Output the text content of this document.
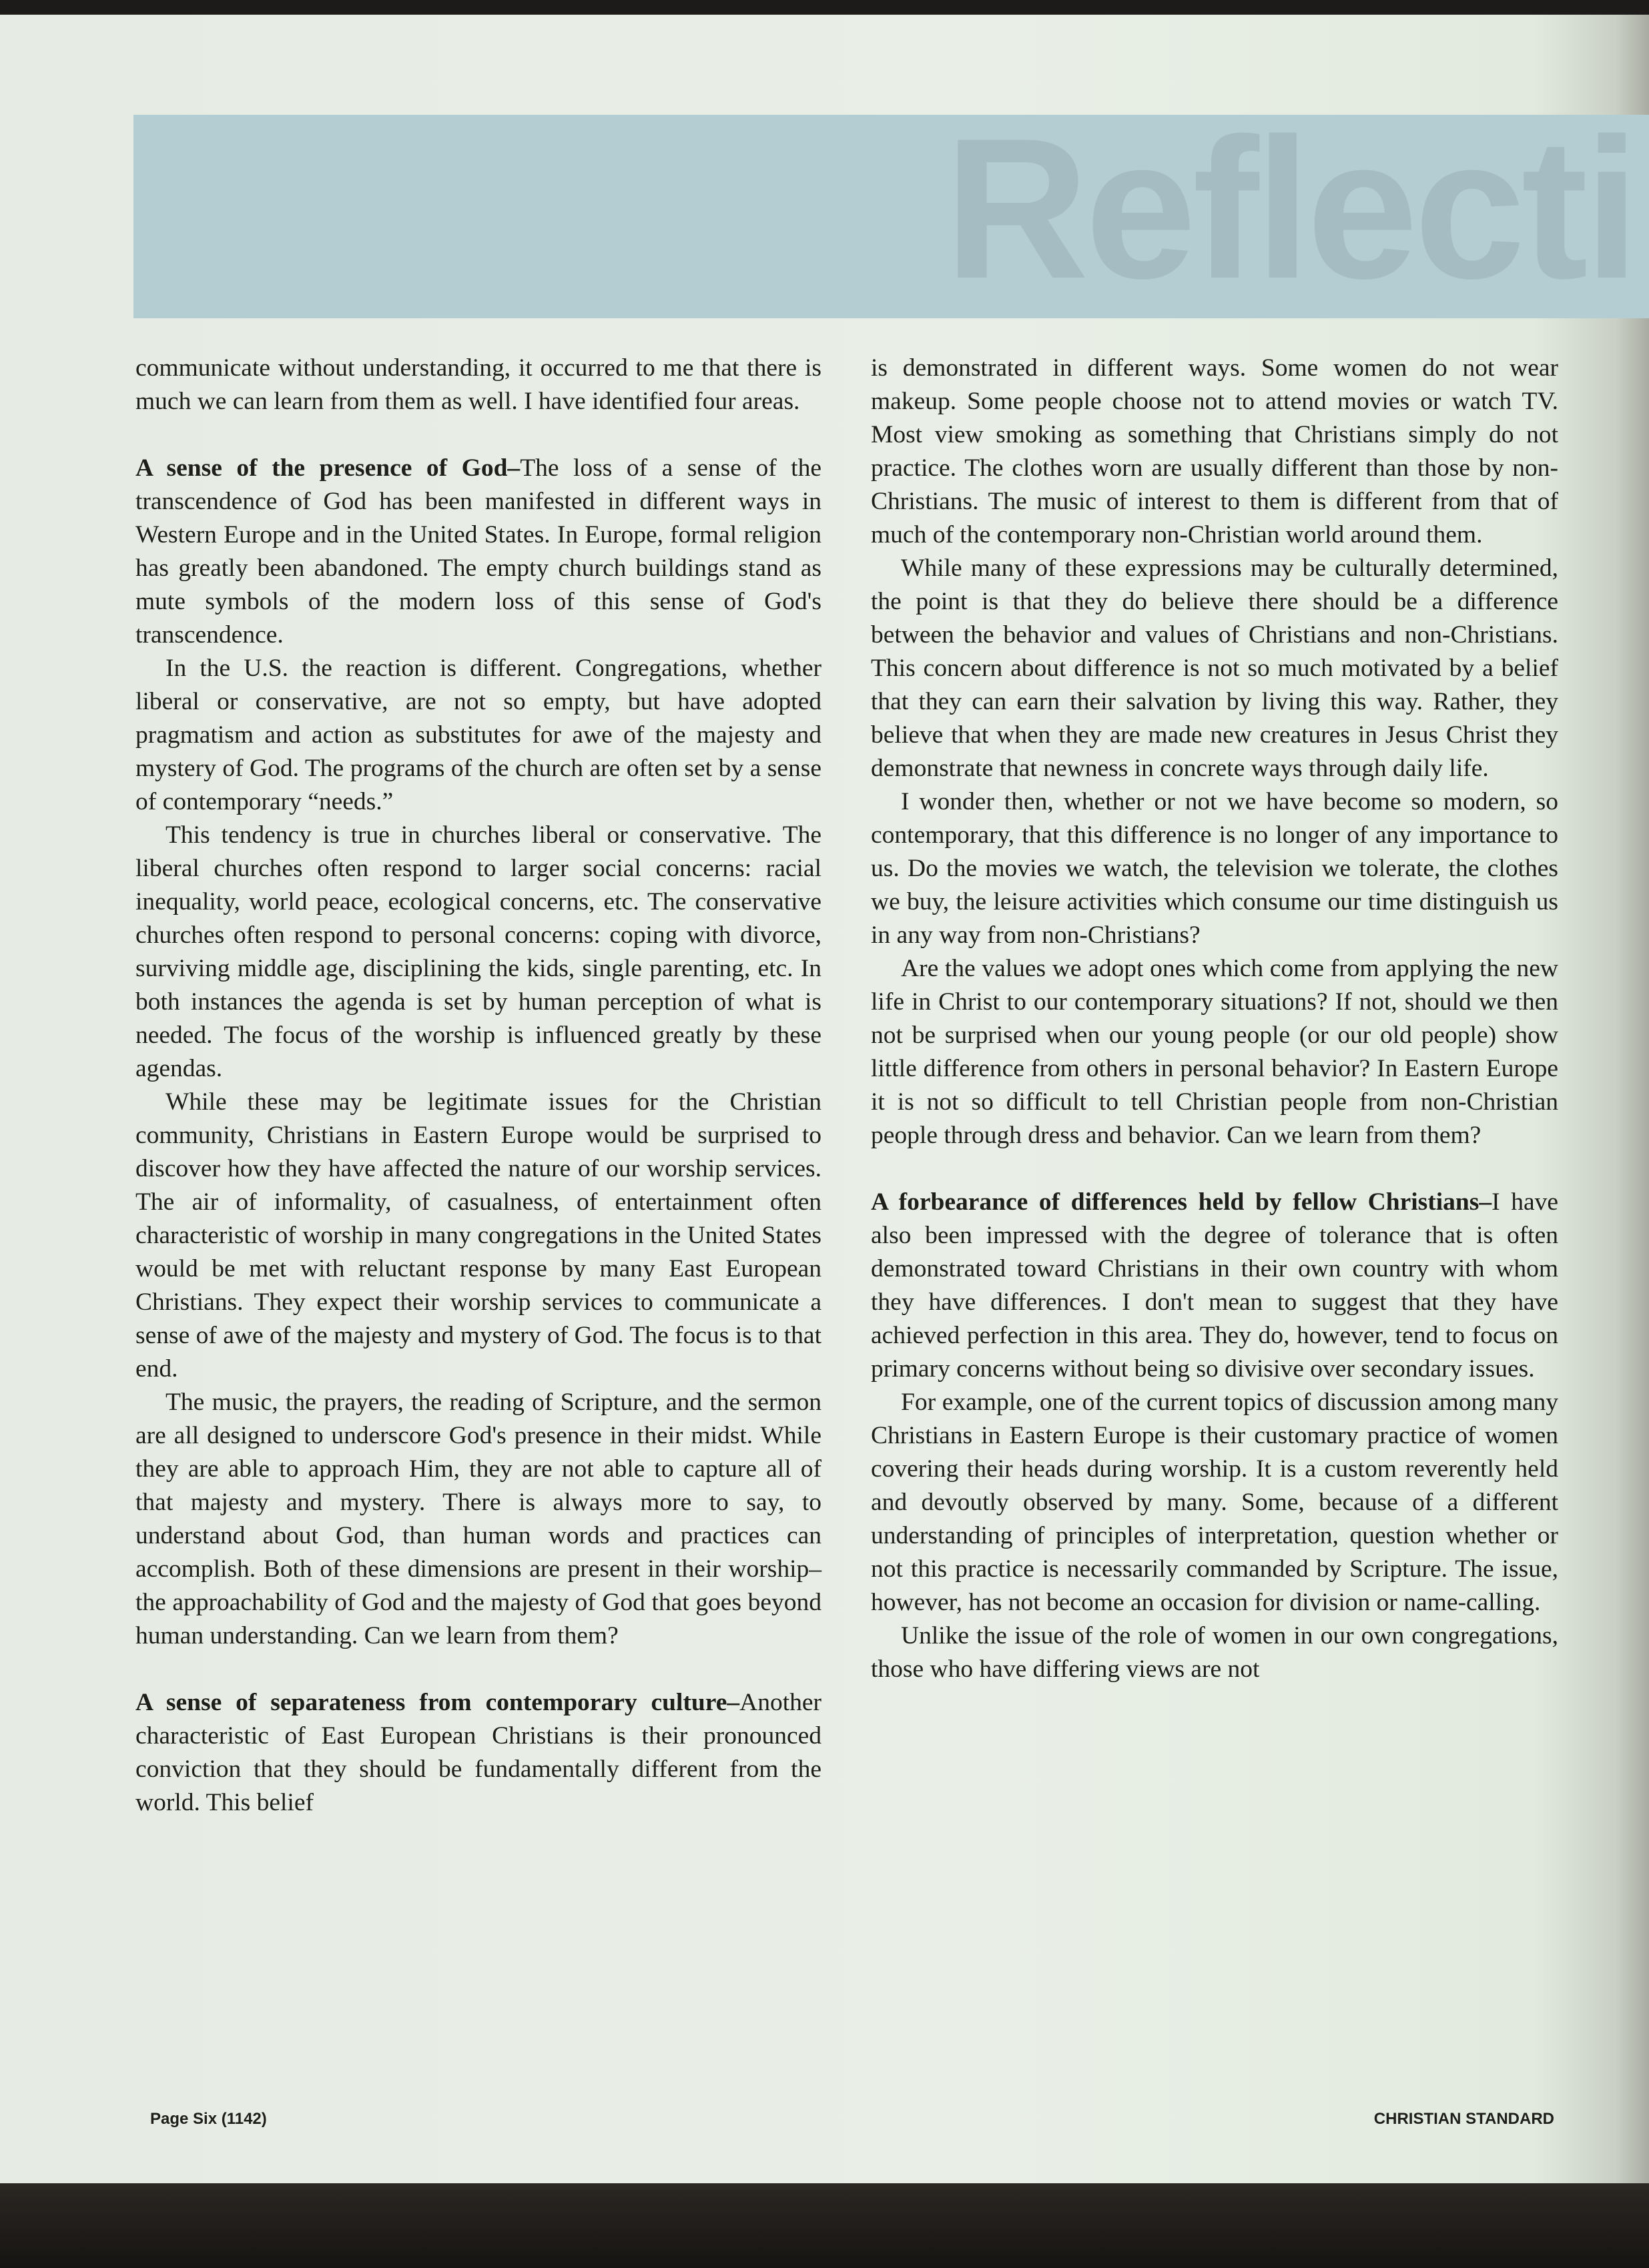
Reflecti

communicate without understanding, it occurred to me that there is much we can learn from them as well. I have identified four areas.

A sense of the presence of God–The loss of a sense of the transcendence of God has been manifested in different ways in Western Europe and in the United States. In Europe, formal religion has greatly been abandoned. The empty church buildings stand as mute symbols of the modern loss of this sense of God's transcendence.

In the U.S. the reaction is different. Congregations, whether liberal or conservative, are not so empty, but have adopted pragmatism and action as substitutes for awe of the majesty and mystery of God. The programs of the church are often set by a sense of contemporary “needs.”

This tendency is true in churches liberal or conservative. The liberal churches often respond to larger social concerns: racial inequality, world peace, ecological concerns, etc. The conservative churches often respond to personal concerns: coping with divorce, surviving middle age, disciplining the kids, single parenting, etc. In both instances the agenda is set by human perception of what is needed. The focus of the worship is influenced greatly by these agendas.

While these may be legitimate issues for the Christian community, Christians in Eastern Europe would be surprised to discover how they have affected the nature of our worship services. The air of informality, of casualness, of entertainment often characteristic of worship in many congregations in the United States would be met with reluctant response by many East European Christians. They expect their worship services to communicate a sense of awe of the majesty and mystery of God. The focus is to that end.

The music, the prayers, the reading of Scripture, and the sermon are all designed to underscore God's presence in their midst. While they are able to approach Him, they are not able to capture all of that majesty and mystery. There is always more to say, to understand about God, than human words and practices can accomplish. Both of these dimensions are present in their worship–the approachability of God and the majesty of God that goes beyond human understanding. Can we learn from them?

A sense of separateness from contemporary culture–Another characteristic of East European Christians is their pronounced conviction that they should be fundamentally different from the world. This belief

is demonstrated in different ways. Some women do not wear makeup. Some people choose not to attend movies or watch TV. Most view smoking as something that Christians simply do not practice. The clothes worn are usually different than those by non-Christians. The music of interest to them is different from that of much of the contemporary non-Christian world around them.

While many of these expressions may be culturally determined, the point is that they do believe there should be a difference between the behavior and values of Christians and non-Christians. This concern about difference is not so much motivated by a belief that they can earn their salvation by living this way. Rather, they believe that when they are made new creatures in Jesus Christ they demonstrate that newness in concrete ways through daily life.

I wonder then, whether or not we have become so modern, so contemporary, that this difference is no longer of any importance to us. Do the movies we watch, the television we tolerate, the clothes we buy, the leisure activities which consume our time distinguish us in any way from non-Christians?

Are the values we adopt ones which come from applying the new life in Christ to our contemporary situations? If not, should we then not be surprised when our young people (or our old people) show little difference from others in personal behavior? In Eastern Europe it is not so difficult to tell Christian people from non-Christian people through dress and behavior. Can we learn from them?

A forbearance of differences held by fellow Christians–I have also been impressed with the degree of tolerance that is often demonstrated toward Christians in their own country with whom they have differences. I don't mean to suggest that they have achieved perfection in this area. They do, however, tend to focus on primary concerns without being so divisive over secondary issues.

For example, one of the current topics of discussion among many Christians in Eastern Europe is their customary practice of women covering their heads during worship. It is a custom reverently held and devoutly observed by many. Some, because of a different understanding of principles of interpretation, question whether or not this practice is necessarily commanded by Scripture. The issue, however, has not become an occasion for division or name-calling.

Unlike the issue of the role of women in our own congregations, those who have differing views are not

Page Six (1142)	CHRISTIAN STANDARD
